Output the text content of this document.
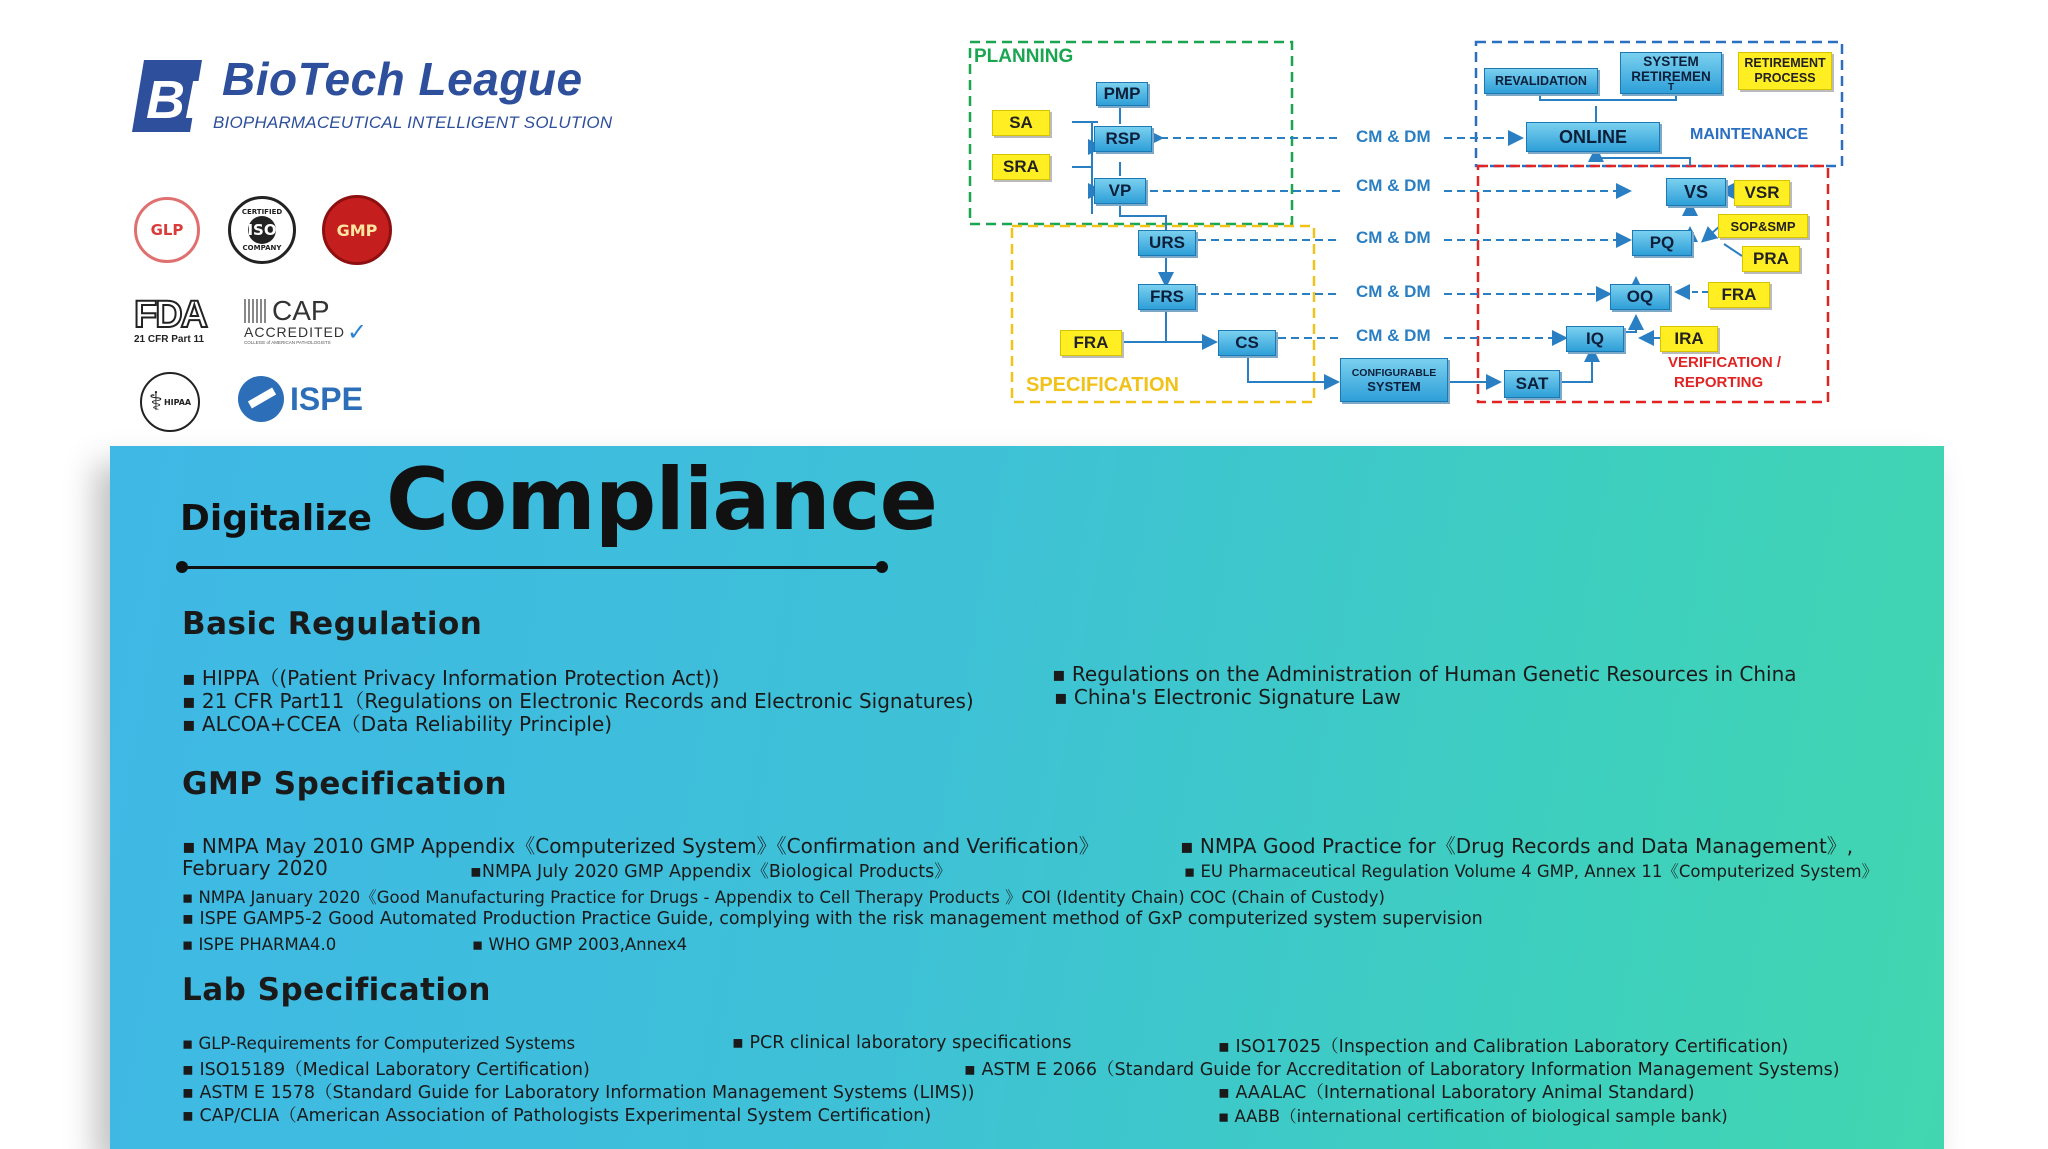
BL BioTech League
BIOPHARMACEUTICAL INTELLIGENT SOLUTION
GLP
CERTIFIED
ISO
COMPANY
GMP
FDA
21 CFR Part 11
CAP
ACCREDITED ✓
COLLEGE of AMERICAN PATHOLOGISTS
⚕ HIPAA	ISPE
PLANNING
SPECIFICATION
MAINTENANCE
VERIFICATION /
REPORTING
CM & DM
CM & DM
CM & DM
CM & DM
CM & DM
PMP
RSP
VP
URS
FRS
CS
CONFIGURABLE
SYSTEM	SAT
IQ
OQ
PQ
VS
ONLINE
REVALIDATION
SYSTEM
RETIREMEN
T
SA
SRA
FRA
RETIREMENT
PROCESS
VSR
SOP&SMP
PRA
FRA
IRA
Digitalize Compliance
Basic Regulation
▪ HIPPA（(Patient Privacy Information Protection Act))
▪ 21 CFR Part11（Regulations on Electronic Records and Electronic Signatures)
▪ ALCOA+CCEA（Data Reliability Principle)
▪ Regulations on the Administration of Human Genetic Resources in China
▪ China's Electronic Signature Law
GMP Specification
▪ NMPA May 2010 GMP Appendix《Computerized System》《Confirmation and Verification》
February 2020
▪ NMPA Good Practice for《Drug Records and Data Management》,
▪NMPA July 2020 GMP Appendix《Biological Products》	▪ EU Pharmaceutical Regulation Volume 4 GMP, Annex 11《Computerized System》
▪ NMPA January 2020《Good Manufacturing Practice for Drugs - Appendix to Cell Therapy Products 》COI (Identity Chain) COC (Chain of Custody)
▪ ISPE GAMP5-2 Good Automated Production Practice Guide, complying with the risk management method of GxP computerized system supervision
▪ ISPE PHARMA4.0	▪ WHO GMP 2003,Annex4
Lab Specification
▪ GLP-Requirements for Computerized Systems	▪ PCR clinical laboratory specifications	▪ ISO17025（Inspection and Calibration Laboratory Certification)
▪ ISO15189（Medical Laboratory Certification)	▪ ASTM E 2066（Standard Guide for Accreditation of Laboratory Information Management Systems)
▪ ASTM E 1578（Standard Guide for Laboratory Information Management Systems (LIMS))	▪ AAALAC（International Laboratory Animal Standard)
▪ CAP/CLIA（American Association of Pathologists Experimental System Certification)	▪ AABB（international certification of biological sample bank)
